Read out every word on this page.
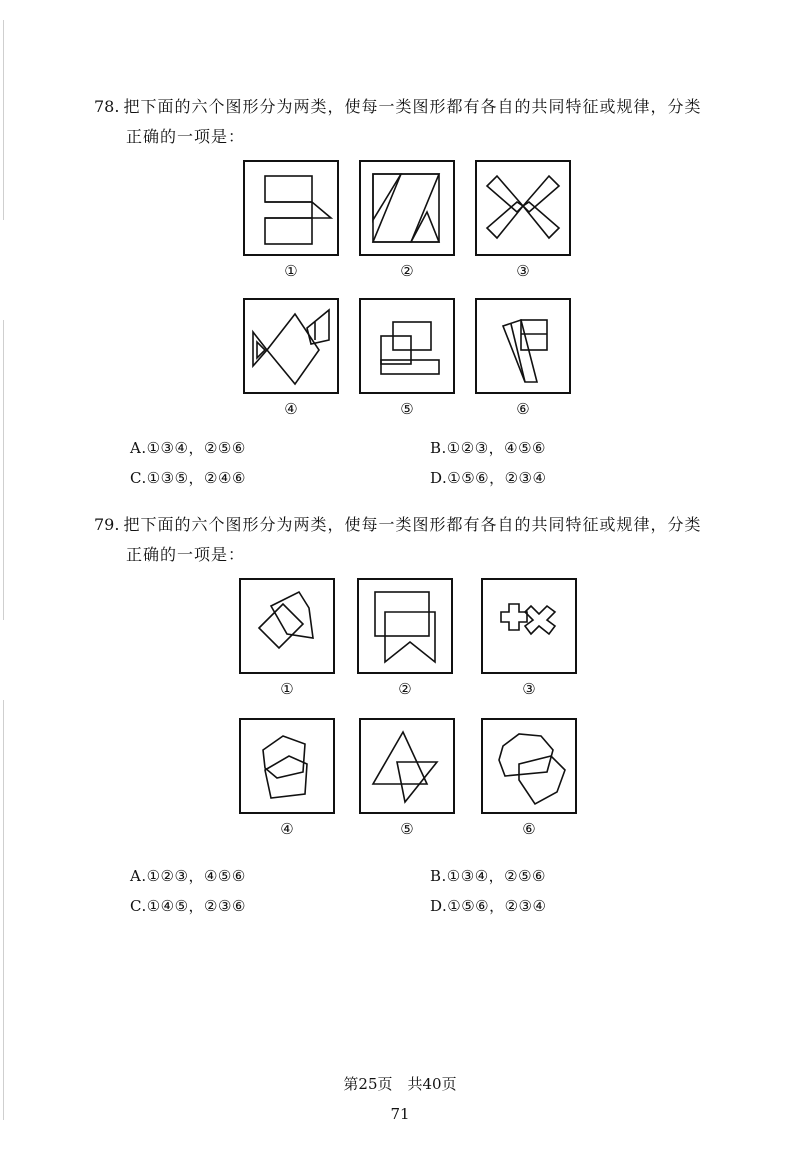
78. 把下面的六个图形分为两类，使每一类图形都有各自的共同特征或规律，分类
正确的一项是：
①	②	③
④	⑤	⑥
A.①③④，②⑤⑥	B.①②③，④⑤⑥
C.①③⑤，②④⑥	D.①⑤⑥，②③④
79. 把下面的六个图形分为两类，使每一类图形都有各自的共同特征或规律，分类
正确的一项是：
①	②	③
④	⑤	⑥
A.①②③，④⑤⑥	B.①③④，②⑤⑥
C.①④⑤，②③⑥	D.①⑤⑥，②③④
第25页　共40页
71
